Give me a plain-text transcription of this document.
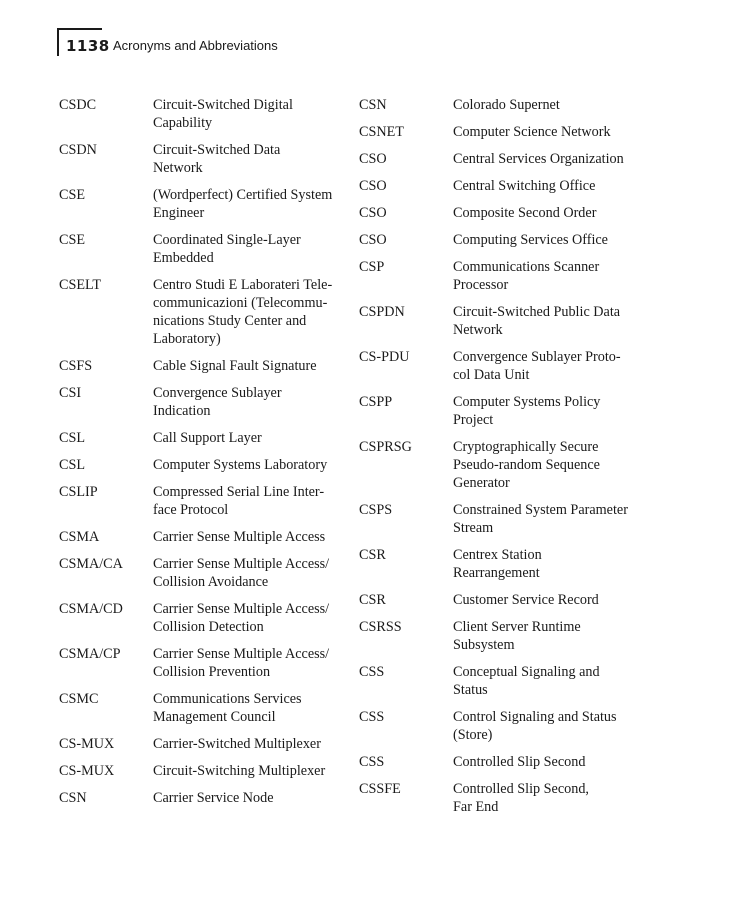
1138 Acronyms and Abbreviations
CSDC	Circuit-Switched Digital
Capability
CSDN	Circuit-Switched Data
Network
CSE	(Wordperfect) Certified System
Engineer
CSE	Coordinated Single-Layer
Embedded
CSELT	Centro Studi E Laborateri Tele-
communicazioni (Telecommu-
nications Study Center and
Laboratory)
CSFS	Cable Signal Fault Signature
CSI	Convergence Sublayer
Indication
CSL	Call Support Layer
CSL	Computer Systems Laboratory
CSLIP	Compressed Serial Line Inter-
face Protocol
CSMA	Carrier Sense Multiple Access
CSMA/CA	Carrier Sense Multiple Access/
Collision Avoidance
CSMA/CD	Carrier Sense Multiple Access/
Collision Detection
CSMA/CP	Carrier Sense Multiple Access/
Collision Prevention
CSMC	Communications Services
Management Council
CS-MUX	Carrier-Switched Multiplexer
CS-MUX	Circuit-Switching Multiplexer
CSN	Carrier Service Node
CSN	Colorado Supernet
CSNET	Computer Science Network
CSO	Central Services Organization
CSO	Central Switching Office
CSO	Composite Second Order
CSO	Computing Services Office
CSP	Communications Scanner
Processor
CSPDN	Circuit-Switched Public Data
Network
CS-PDU	Convergence Sublayer Proto-
col Data Unit
CSPP	Computer Systems Policy
Project
CSPRSG	Cryptographically Secure
Pseudo-random Sequence
Generator
CSPS	Constrained System Parameter
Stream
CSR	Centrex Station
Rearrangement
CSR	Customer Service Record
CSRSS	Client Server Runtime
Subsystem
CSS	Conceptual Signaling and
Status
CSS	Control Signaling and Status
(Store)
CSS	Controlled Slip Second
CSSFE	Controlled Slip Second,
Far End
